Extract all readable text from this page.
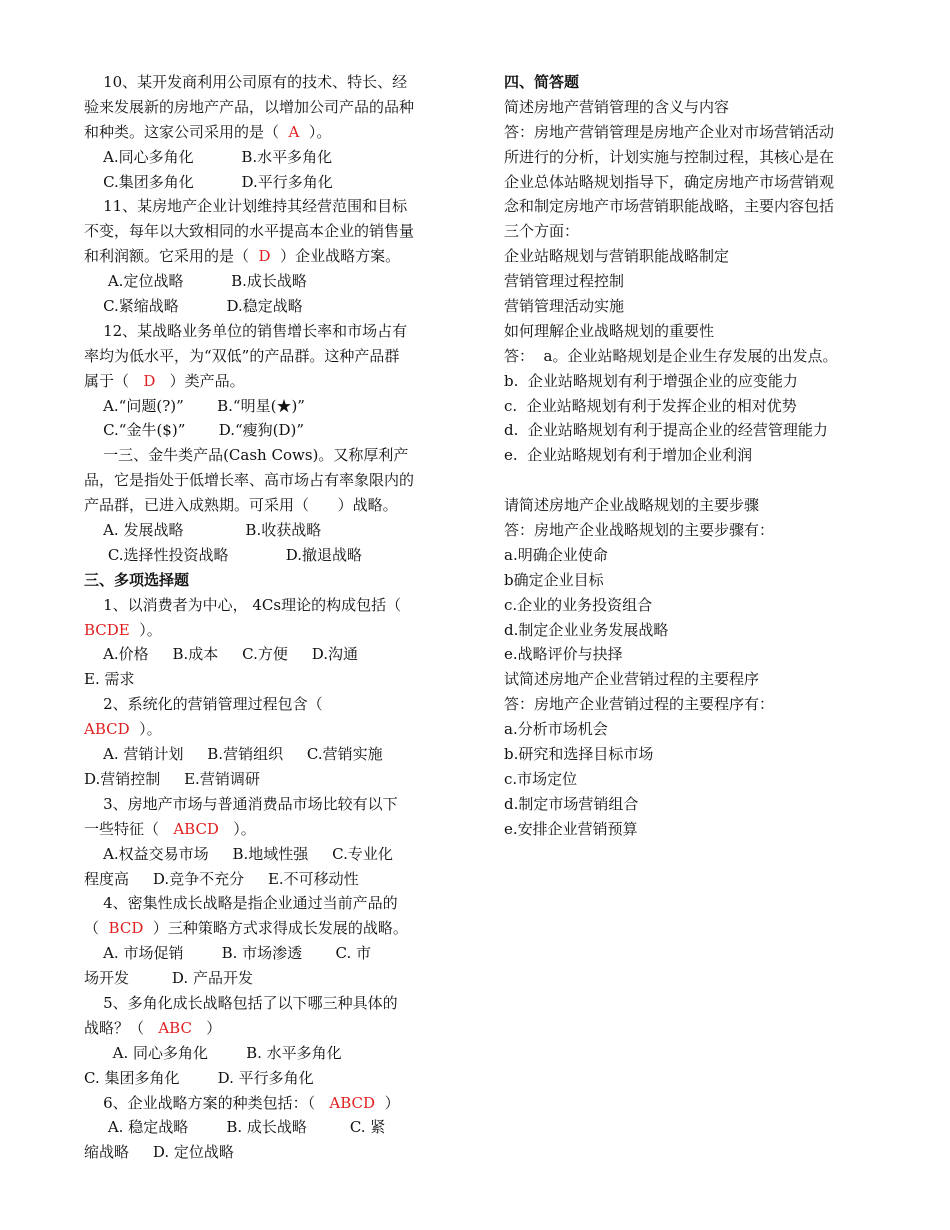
10、某开发商利用公司原有的技术、特长、经
验来发展新的房地产产品，以增加公司产品的品种
和种类。这家公司采用的是（  A  ）。
A.同心多角化          B.水平多角化
C.集团多角化          D.平行多角化
11、某房地产企业计划维持其经营范围和目标
不变，每年以大致相同的水平提高本企业的销售量
和利润额。它采用的是（  D  ）企业战略方案。
A.定位战略          B.成长战略
C.紧缩战略          D.稳定战略
12、某战略业务单位的销售增长率和市场占有
率均为低水平，为“双低”的产品群。这种产品群
属于（   D   ）类产品。
A.“问题(?)”       B.“明星(★)”
C.“金牛($)”       D.“瘦狗(D)”
一三、金牛类产品(Cash Cows)。又称厚利产
品，它是指处于低增长率、高市场占有率象限内的
产品群，已进入成熟期。可采用（      ）战略。
A. 发展战略             B.收获战略
C.选择性投资战略            D.撤退战略
三、多项选择题
1、以消费者为中心， 4Cs理论的构成包括（
BCDE  ）。
A.价格     B.成本     C.方便     D.沟通
E. 需求
2、系统化的营销管理过程包含（
ABCD  ）。
A. 营销计划     B.营销组织     C.营销实施
D.营销控制     E.营销调研
3、房地产市场与普通消费品市场比较有以下
一些特征（   ABCD   ）。
A.权益交易市场     B.地域性强     C.专业化
程度高     D.竞争不充分     E.不可移动性
4、密集性成长战略是指企业通过当前产品的
（  BCD  ）三种策略方式求得成长发展的战略。
A. 市场促销        B. 市场渗透       C. 市
场开发         D. 产品开发
5、多角化成长战略包括了以下哪三种具体的
战略？（   ABC   ）
A. 同心多角化        B. 水平多角化
C. 集团多角化        D. 平行多角化
6、企业战略方案的种类包括：（   ABCD  ）
A. 稳定战略        B. 成长战略         C. 紧
缩战略     D. 定位战略
四、简答题
简述房地产营销管理的含义与内容
答：房地产营销管理是房地产企业对市场营销活动
所进行的分析，计划实施与控制过程，其核心是在
企业总体站略规划指导下，确定房地产市场营销观
念和制定房地产市场营销职能战略，主要内容包括
三个方面：
企业站略规划与营销职能战略制定
营销管理过程控制
营销管理活动实施
如何理解企业战略规划的重要性
答：  a。企业站略规划是企业生存发展的出发点。
b.  企业站略规划有利于增强企业的应变能力
c.  企业站略规划有利于发挥企业的相对优势
d.  企业站略规划有利于提高企业的经营管理能力
e.  企业站略规划有利于增加企业利润
请简述房地产企业战略规划的主要步骤
答：房地产企业战略规划的主要步骤有：
a.明确企业使命
b确定企业目标
c.企业的业务投资组合
d.制定企业业务发展战略
e.战略评价与抉择
试简述房地产企业营销过程的主要程序
答：房地产企业营销过程的主要程序有：
a.分析市场机会
b.研究和选择目标市场
c.市场定位
d.制定市场营销组合
e.安排企业营销预算
